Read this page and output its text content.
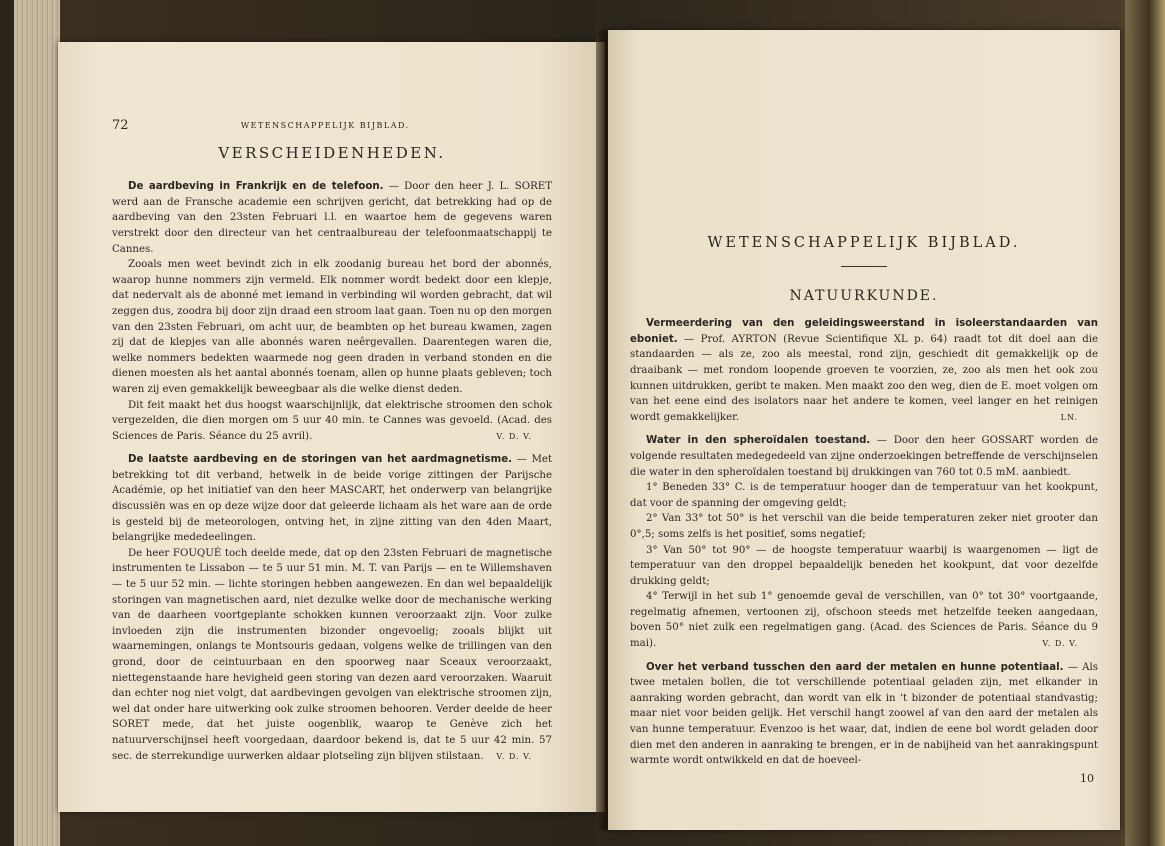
72	WETENSCHAPPELIJK BIJBLAD.
VERSCHEIDENHEDEN.

De aardbeving in Frankrijk en de telefoon. — Door den heer J. L. SORET werd aan de Fransche academie een schrijven gericht, dat betrekking had op de aardbeving van den 23sten Februari l.l. en waartoe hem de gegevens waren verstrekt door den directeur van het centraalbureau der telefoonmaatschappij te Cannes.

Zooals men weet bevindt zich in elk zoodanig bureau het bord der abonnés, waarop hunne nommers zijn vermeld. Elk nommer wordt bedekt door een klepje, dat nedervalt als de abonné met iemand in verbinding wil worden gebracht, dat wil zeggen dus, zoodra bij door zijn draad een stroom laat gaan. Toen nu op den morgen van den 23sten Februari, om acht uur, de beambten op het bureau kwamen, zagen zij dat de klepjes van alle abonnés waren neêrgevallen. Daarentegen waren die, welke nommers bedekten waarmede nog geen draden in verband stonden en die dienen moesten als het aantal abonnés toenam, allen op hunne plaats gebleven; toch waren zij even gemakkelijk beweegbaar als die welke dienst deden.

Dit feit maakt het dus hoogst waarschijnlijk, dat elektrische stroomen den schok vergezelden, die dien morgen om 5 uur 40 min. te Cannes was gevoeld. (Acad. des Sciences de Paris. Séance du 25 avril).	V. D. V.

De laatste aardbeving en de storingen van het aardmagnetisme. — Met betrekking tot dit verband, hetwelk in de beide vorige zittingen der Parijsche Académie, op het initiatief van den heer MASCART, het onderwerp van belangrijke discussiën was en op deze wijze door dat geleerde lichaam als het ware aan de orde is gesteld bij de meteorologen, ontving het, in zijne zitting van den 4den Maart, belangrijke mededeelingen.

De heer FOUQUÉ toch deelde mede, dat op den 23sten Februari de magnetische instrumenten te Lissabon — te 5 uur 51 min. M. T. van Parijs — en te Willemshaven — te 5 uur 52 min. — lichte storingen hebben aangewezen. En dan wel bepaaldelijk storingen van magnetischen aard, niet dezulke welke door de mechanische werking van de daarheen voortgeplante schokken kunnen veroorzaakt zijn. Voor zulke invloeden zijn die instrumenten bizonder ongevoelig; zooals blijkt uit waarnemingen, onlangs te Montsouris gedaan, volgens welke de trillingen van den grond, door de ceintuurbaan en den spoorweg naar Sceaux veroorzaakt, niettegenstaande hare hevigheid geen storing van dezen aard veroorzaken. Waaruit dan echter nog niet volgt, dat aardbevingen gevolgen van elektrische stroomen zijn, wel dat onder hare uitwerking ook zulke stroomen behooren. Verder deelde de heer SORET mede, dat het juiste oogenblik, waarop te Genève zich het natuurverschijnsel heeft voorgedaan, daardoor bekend is, dat te 5 uur 42 min. 57 sec. de sterrekundige uurwerken aldaar plotseling zijn blijven stilstaan.	V. D. V.
WETENSCHAPPELIJK BIJBLAD.
NATUURKUNDE.

Vermeerdering van den geleidingsweerstand in isoleerstandaarden van eboniet. — Prof. AYRTON (Revue Scientifique XL p. 64) raadt tot dit doel aan die standaarden — als ze, zoo als meestal, rond zijn, geschiedt dit gemakkelijk op de draaibank — met rondom loopende groeven te voorzien, ze, zoo als men het ook zou kunnen uitdrukken, geribt te maken. Men maakt zoo den weg, dien de E. moet volgen om van het eene eind des isolators naar het andere te komen, veel langer en het reinigen wordt gemakkelijker.	LN.

Water in den spheroïdalen toestand. — Door den heer GOSSART worden de volgende resultaten medegedeeld van zijne onderzoekingen betreffende de verschijnselen die water in den spheroïdalen toestand bij drukkingen van 760 tot 0.5 mM. aanbiedt.

1° Beneden 33° C. is de temperatuur hooger dan de temperatuur van het kookpunt, dat voor de spanning der omgeving geldt;

2° Van 33° tot 50° is het verschil van die beide temperaturen zeker niet grooter dan 0°,5; soms zelfs is het positief, soms negatief;

3° Van 50° tot 90° — de hoogste temperatuur waarbij is waargenomen — ligt de temperatuur van den droppel bepaaldelijk beneden het kookpunt, dat voor dezelfde drukking geldt;

4° Terwijl in het sub 1° genoemde geval de verschillen, van 0° tot 30° voortgaande, regelmatig afnemen, vertoonen zij, ofschoon steeds met hetzelfde teeken aangedaan, boven 50° niet zulk een regelmatigen gang. (Acad. des Sciences de Paris. Séance du 9 mai).	V. D. V.

Over het verband tusschen den aard der metalen en hunne potentiaal. — Als twee metalen bollen, die tot verschillende potentiaal geladen zijn, met elkander in aanraking worden gebracht, dan wordt van elk in 't bizonder de potentiaal standvastig; maar niet voor beiden gelijk. Het verschil hangt zoowel af van den aard der metalen als van hunne temperatuur. Evenzoo is het waar, dat, indien de eene bol wordt geladen door dien met den anderen in aanraking te brengen, er in de nabijheid van het aanrakingspunt warmte wordt ontwikkeld en dat de hoeveel-

10
